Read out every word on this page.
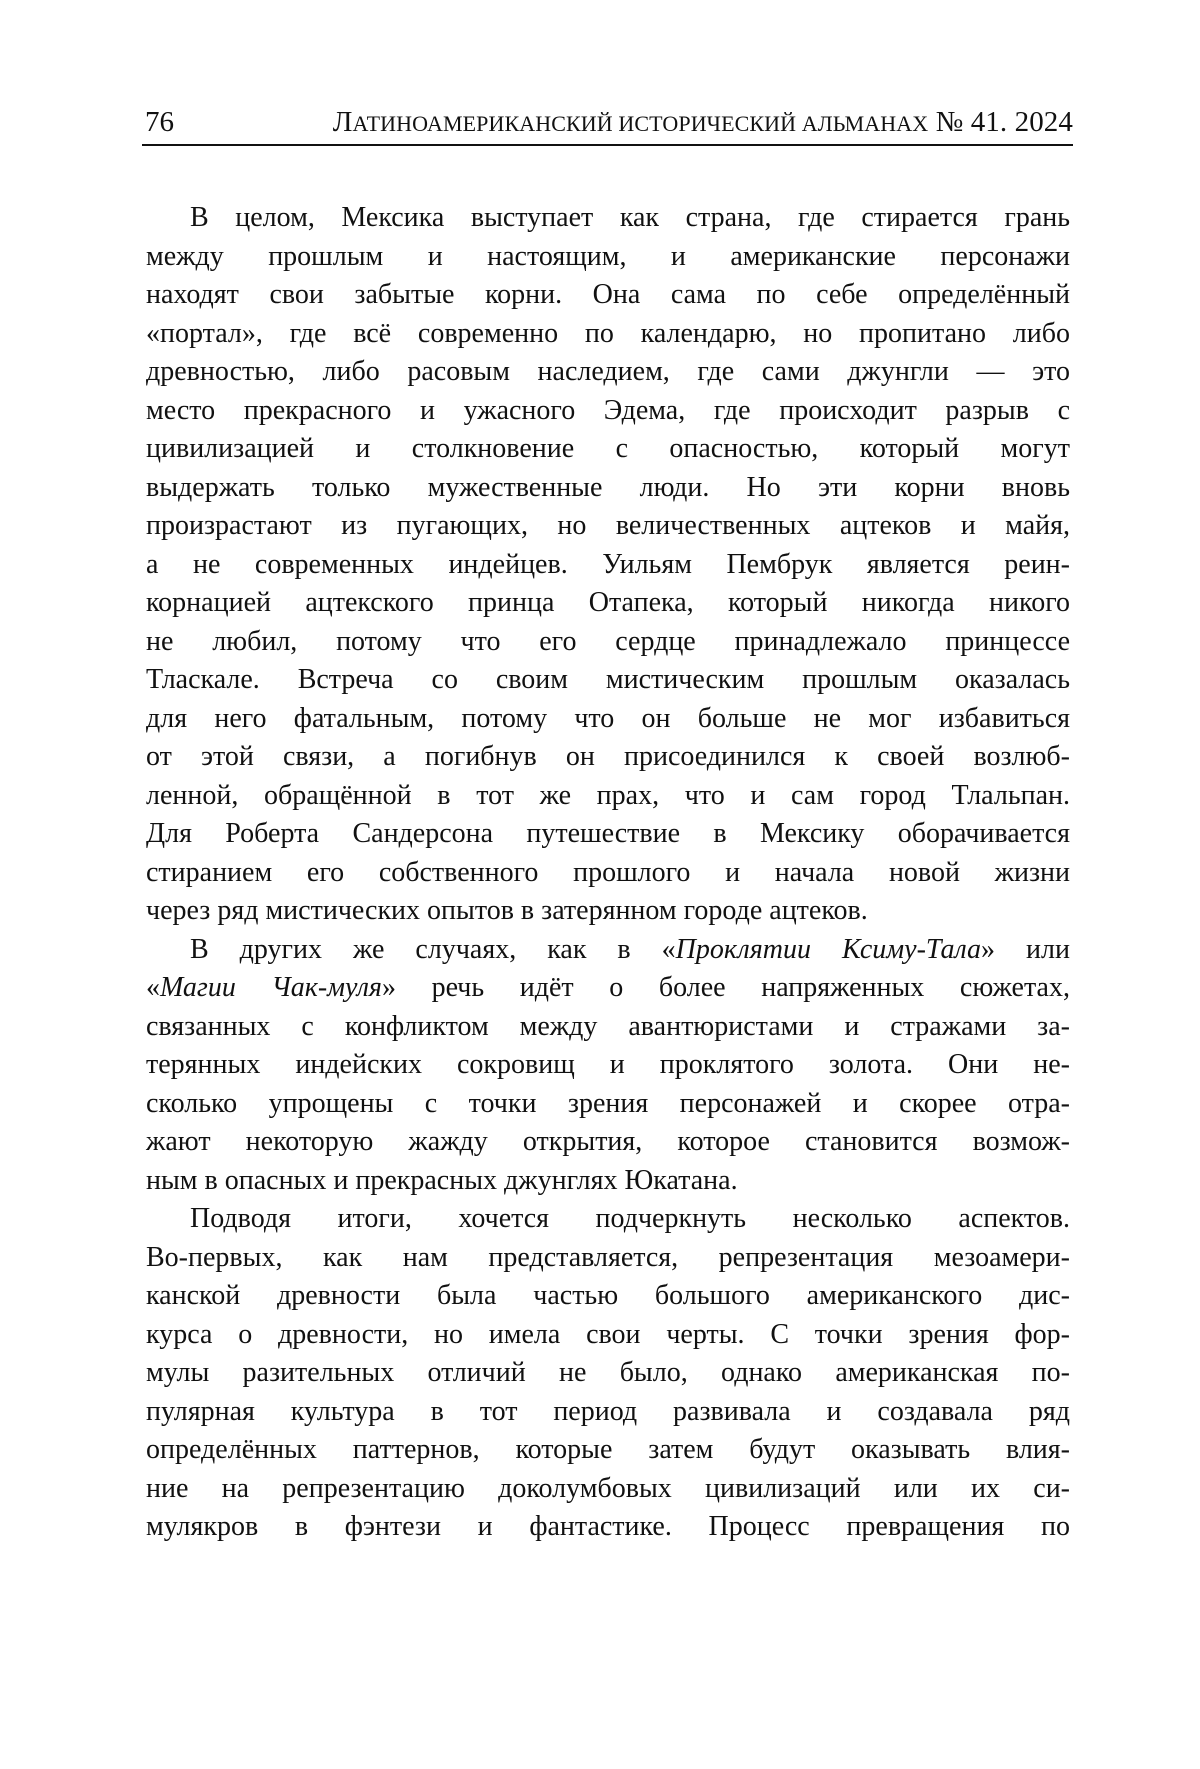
76	ЛАТИНОАМЕРИКАНСКИЙ ИСТОРИЧЕСКИЙ АЛЬМАНАХ № 41. 2024
В целом, Мексика выступает как страна, где стирается грань
между прошлым и настоящим, и американские персонажи
находят свои забытые корни. Она сама по себе определённый
«портал», где всё современно по календарю, но пропитано либо
древностью, либо расовым наследием, где сами джунгли — это
место прекрасного и ужасного Эдема, где происходит разрыв с
цивилизацией и столкновение с опасностью, который могут
выдержать только мужественные люди. Но эти корни вновь
произрастают из пугающих, но величественных ацтеков и майя,
а не современных индейцев. Уильям Пембрук является реин-
корнацией ацтекского принца Отапека, который никогда никого
не любил, потому что его сердце принадлежало принцессе
Тласкале. Встреча со своим мистическим прошлым оказалась
для него фатальным, потому что он больше не мог избавиться
от этой связи, а погибнув он присоединился к своей возлюб-
ленной, обращённой в тот же прах, что и сам город Тлальпан.
Для Роберта Сандерсона путешествие в Мексику оборачивается
стиранием его собственного прошлого и начала новой жизни
через ряд мистических опытов в затерянном городе ацтеков.
В других же случаях, как в «Проклятии Ксиму-Тала» или
«Магии Чак-муля» речь идёт о более напряженных сюжетах,
связанных с конфликтом между авантюристами и стражами за-
терянных индейских сокровищ и проклятого золота. Они не-
сколько упрощены с точки зрения персонажей и скорее отра-
жают некоторую жажду открытия, которое становится возмож-
ным в опасных и прекрасных джунглях Юкатана.
Подводя итоги, хочется подчеркнуть несколько аспектов.
Во-первых, как нам представляется, репрезентация мезоамери-
канской древности была частью большого американского дис-
курса о древности, но имела свои черты. С точки зрения фор-
мулы разительных отличий не было, однако американская по-
пулярная культура в тот период развивала и создавала ряд
определённых паттернов, которые затем будут оказывать влия-
ние на репрезентацию доколумбовых цивилизаций или их си-
мулякров в фэнтези и фантастике. Процесс превращения по
